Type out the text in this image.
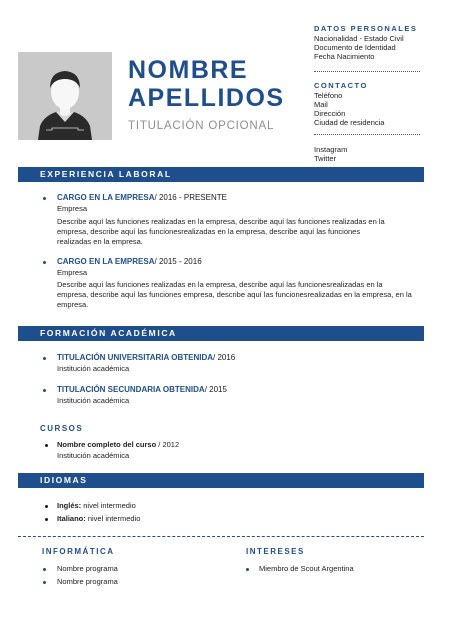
NOMBRE
APELLIDOS
TITULACIÓN OPCIONAL
DATOS PERSONALES
Nacionalidad - Estado Civil
Documento de Identidad
Fecha Nacimiento
CONTACTO
Teléfono
Mail
Dirección
Ciudad de residencia
Instagram
Twitter
EXPERIENCIA LABORAL
CARGO EN LA EMPRESA/ 2016 - PRESENTE
Empresa
Describe aquí las funciones realizadas en la empresa, describe aquí las funciones realizadas en la
empresa, describe aquí las funcionesrealizadas en la empresa, describe aquí las funciones
realizadas en la empresa.
CARGO EN LA EMPRESA/ 2015 - 2016
Empresa
Describe aquí las funciones realizadas en la empresa, describe aquí las funcionesrealizadas en la
empresa, describe aquí las funciones empresa, describe aquí las funcionesrealizadas en la empresa, en la
empresa.
FORMACIÓN ACADÉMICA
TITULACIÓN UNIVERSITARIA OBTENIDA/ 2016
Institución académica
TITULACIÓN SECUNDARIA OBTENIDA/ 2015
Institución académica
CURSOS
Nombre completo del curso / 2012
Institución académica
IDIOMAS
Inglés: nivel intermedio
Italiano: nivel intermedio
INFORMÁTICA
Nombre programa
Nombre programa
INTERESES
Miembro de Scout Argentina
